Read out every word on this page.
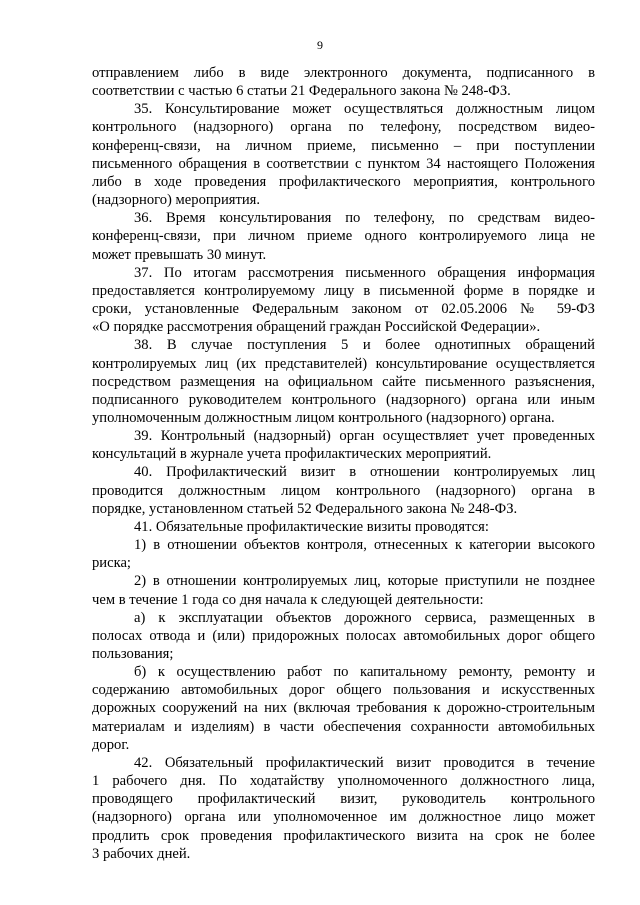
9
отправлением либо в виде электронного документа, подписанного в
соответствии с частью 6 статьи 21 Федерального закона № 248-ФЗ.
35. Консультирование может осуществляться должностным лицом
контрольного (надзорного) органа по телефону, посредством видео-
конференц-связи, на личном приеме, письменно – при поступлении
письменного обращения в соответствии с пунктом 34 настоящего Положения
либо в ходе проведения профилактического мероприятия, контрольного
(надзорного) мероприятия.
36. Время консультирования по телефону, по средствам видео-
конференц-связи, при личном приеме одного контролируемого лица не
может превышать 30 минут.
37. По итогам рассмотрения письменного обращения информация
предоставляется контролируемому лицу в письменной форме в порядке и
сроки, установленные Федеральным законом от 02.05.2006 № 59-ФЗ
«О порядке рассмотрения обращений граждан Российской Федерации».
38. В случае поступления 5 и более однотипных обращений
контролируемых лиц (их представителей) консультирование осуществляется
посредством размещения на официальном сайте письменного разъяснения,
подписанного руководителем контрольного (надзорного) органа или иным
уполномоченным должностным лицом контрольного (надзорного) органа.
39. Контрольный (надзорный) орган осуществляет учет проведенных
консультаций в журнале учета профилактических мероприятий.
40. Профилактический визит в отношении контролируемых лиц
проводится должностным лицом контрольного (надзорного) органа в
порядке, установленном статьей 52 Федерального закона № 248-ФЗ.
41. Обязательные профилактические визиты проводятся:
1) в отношении объектов контроля, отнесенных к категории высокого
риска;
2) в отношении контролируемых лиц, которые приступили не позднее
чем в течение 1 года со дня начала к следующей деятельности:
а) к эксплуатации объектов дорожного сервиса, размещенных в
полосах отвода и (или) придорожных полосах автомобильных дорог общего
пользования;
б) к осуществлению работ по капитальному ремонту, ремонту и
содержанию автомобильных дорог общего пользования и искусственных
дорожных сооружений на них (включая требования к дорожно-строительным
материалам и изделиям) в части обеспечения сохранности автомобильных
дорог.
42. Обязательный профилактический визит проводится в течение
1 рабочего дня. По ходатайству уполномоченного должностного лица,
проводящего профилактический визит, руководитель контрольного
(надзорного) органа или уполномоченное им должностное лицо может
продлить срок проведения профилактического визита на срок не более
3 рабочих дней.
